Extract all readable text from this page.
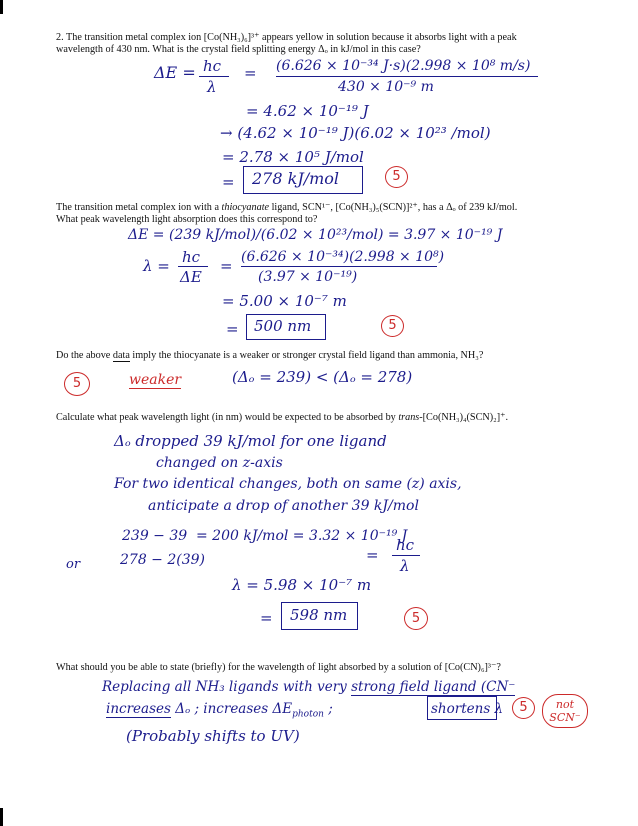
2. The transition metal complex ion [Co(NH₃)₆]³⁺ appears yellow in solution because it absorbs light with a peak

wavelength of 430 nm. What is the crystal field splitting energy Δₒ in kJ/mol in this case?

ΔE = hc
λ
= (6.626 × 10⁻³⁴ J·s)(2.998 × 10⁸ m/s)
430 × 10⁻⁹ m
= 4.62 × 10⁻¹⁹ J
→ (4.62 × 10⁻¹⁹ J)(6.02 × 10²³ /mol)
= 2.78 × 10⁵ J/mol
= 278 kJ/mol	5

The transition metal complex ion with a thiocyanate ligand, SCN¹⁻, [Co(NH₃)₅(SCN)]²⁺, has a Δₒ of 239 kJ/mol.

What peak wavelength light absorption does this correspond to?

ΔE = (239 kJ/mol)/(6.02 × 10²³/mol) = 3.97 × 10⁻¹⁹ J
λ = hc
ΔE
= (6.626 × 10⁻³⁴)(2.998 × 10⁸)
(3.97 × 10⁻¹⁹)
= 5.00 × 10⁻⁷ m
= 500 nm	5

Do the above data imply the thiocyanate is a weaker or stronger crystal field ligand than ammonia, NH₃?

5	weaker	(Δₒ = 239) < (Δₒ = 278)

Calculate what peak wavelength light (in nm) would be expected to be absorbed by trans-[Co(NH₃)₄(SCN)₂]⁺.

Δₒ dropped 39 kJ/mol for one ligand
changed on z-axis
For two identical changes, both on same (z) axis,
anticipate a drop of another 39 kJ/mol
239 − 39
or	278 − 2(39)
= 200 kJ/mol = 3.32 × 10⁻¹⁹ J
=
hc
λ
λ = 5.98 × 10⁻⁷ m
= 598 nm	5

What should you be able to state (briefly) for the wavelength of light absorbed by a solution of [Co(CN)₆]³⁻?

Replacing all NH₃ ligands with very strong field ligand (CN⁻
increases Δₒ ; increases $\Delta E_{photon}$ ;	shortens λ	5	not
SCN⁻
(Probably shifts to UV)
